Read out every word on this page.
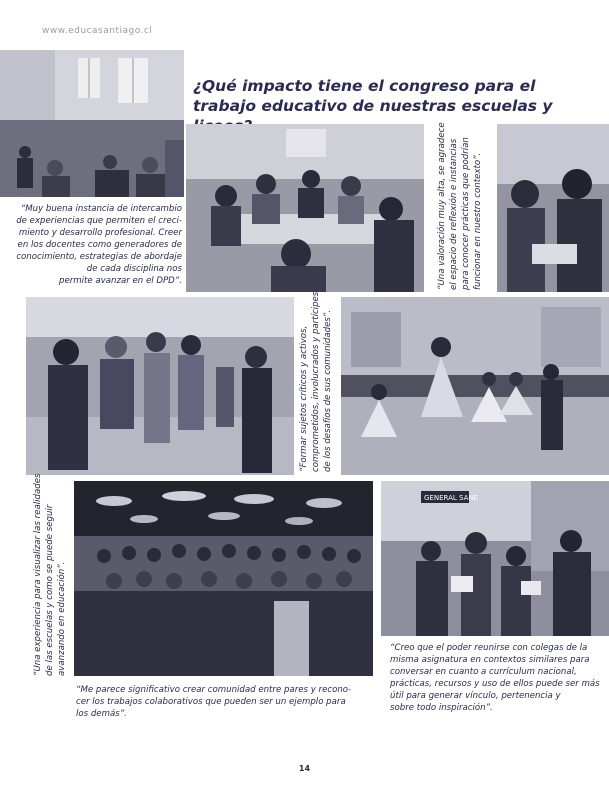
www.educasantiago.cl
¿Qué impacto tiene el congreso para el trabajo educativo de nuestras escuelas y
GENERAL SANE
“Muy buena instancia de intercambio
de experiencias que permiten el creci-
miento y desarrollo profesional. Creer
en los docentes como generadores de
conocimiento, estrategias de abordaje
de cada disciplina nos
permite avanzar en el DPD”.	“Una valoración muy alta, se agradece el espacio de reflexión e instancias para conocer prácticas que podrían funcionar en nuestro contexto”.
“Formar sujetos críticos y activos, comprometidos, involucrados y partícipes de los desafíos de sus comunidades”.
“Una experiencia para visualizar las realidades de las escuelas y como se puede seguir avanzando en educación”.
“Me parece significativo crear comunidad entre pares y recono-
cer los trabajos colaborativos que pueden ser un ejemplo para
los demás”.
“Creo que el poder reunirse con colegas de la
misma asignatura en contextos similares para
conversar en cuanto a currículum nacional,
prácticas, recursos y uso de ellos puede ser más
útil para generar vínculo, pertenencia y
sobre todo inspiración”.
14
